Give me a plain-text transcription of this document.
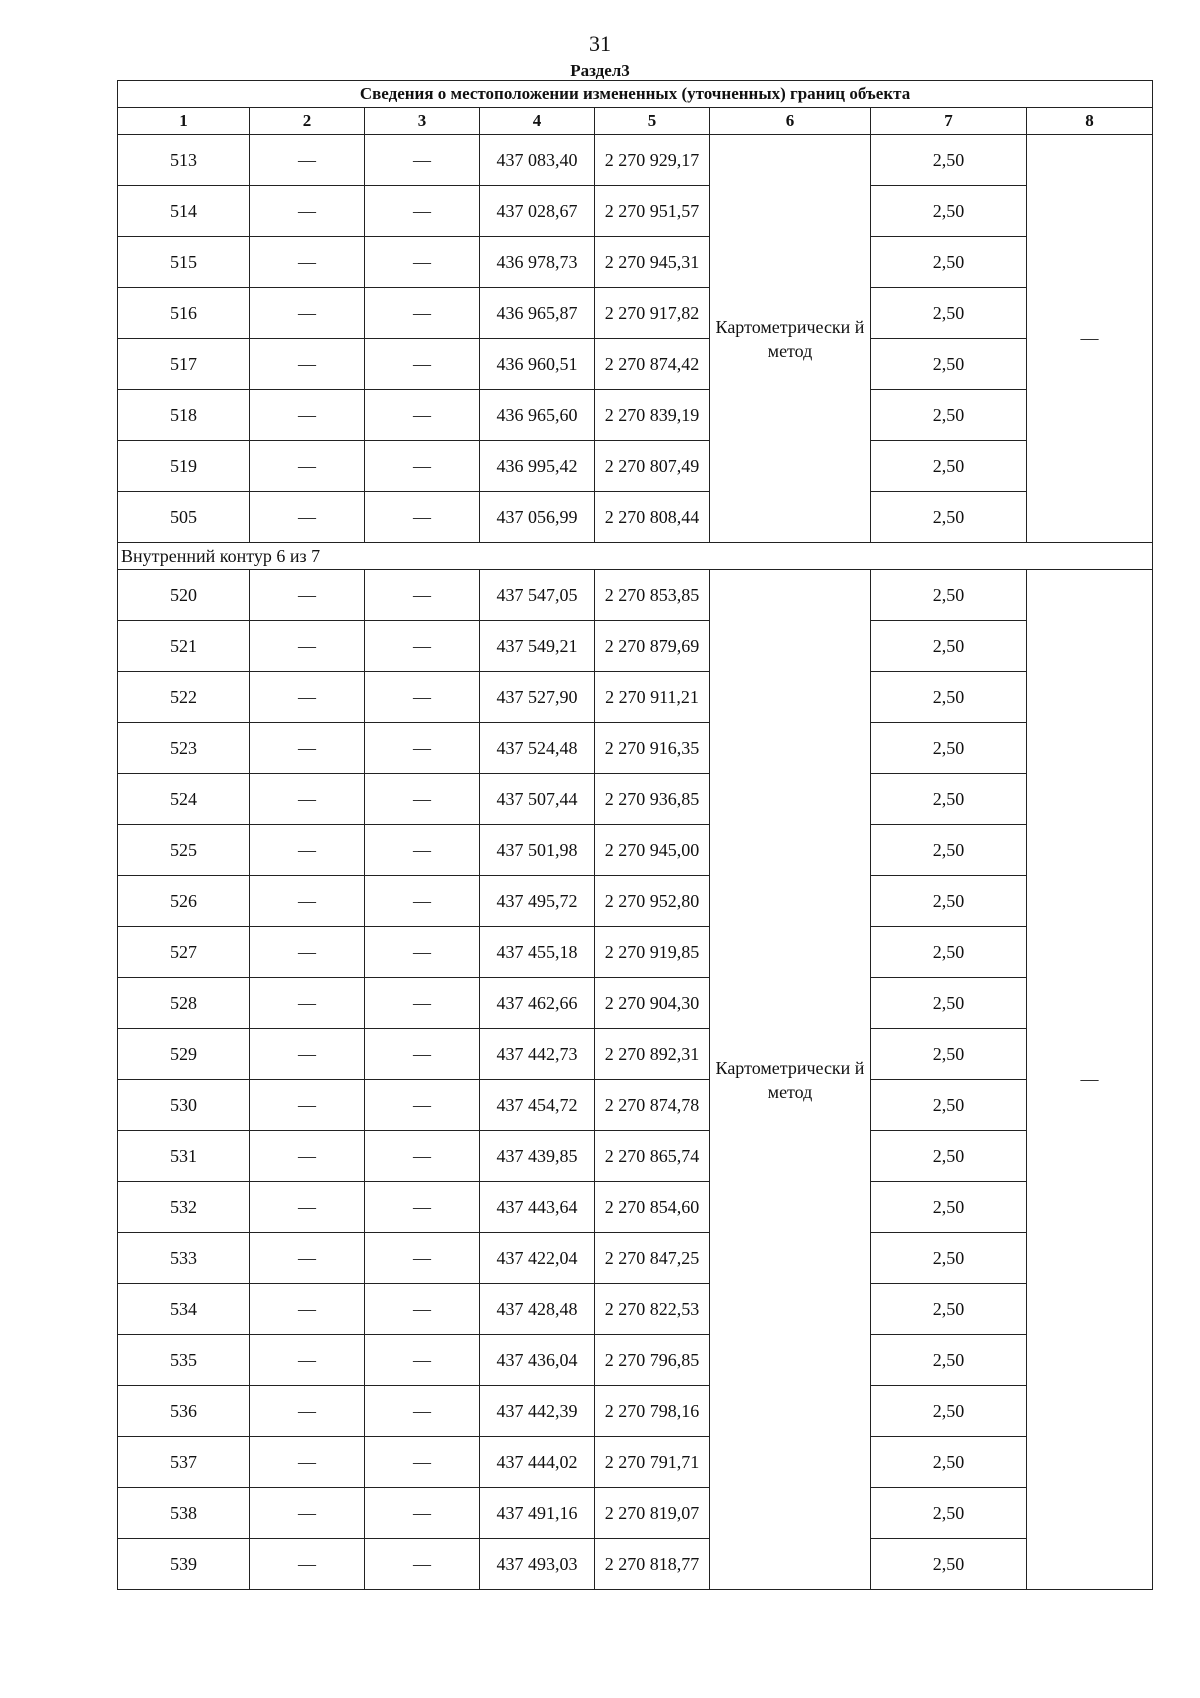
31
Раздел3
Сведения о местоположении измененных (уточненных) границ объекта							
1	2	3	4	5	6	7	8
513	—	—	437 083,40	2 270 929,17	Картометрически й метод	2,50	—
514	—	—	437 028,67	2 270 951,57		2,50	
515	—	—	436 978,73	2 270 945,31		2,50	
516	—	—	436 965,87	2 270 917,82		2,50	
517	—	—	436 960,51	2 270 874,42		2,50	
518	—	—	436 965,60	2 270 839,19		2,50	
519	—	—	436 995,42	2 270 807,49		2,50	
505	—	—	437 056,99	2 270 808,44		2,50	
Внутренний контур 6 из 7							
520	—	—	437 547,05	2 270 853,85	Картометрически й метод	2,50	—
521	—	—	437 549,21	2 270 879,69		2,50	
522	—	—	437 527,90	2 270 911,21		2,50	
523	—	—	437 524,48	2 270 916,35		2,50	
524	—	—	437 507,44	2 270 936,85		2,50	
525	—	—	437 501,98	2 270 945,00		2,50	
526	—	—	437 495,72	2 270 952,80		2,50	
527	—	—	437 455,18	2 270 919,85		2,50	
528	—	—	437 462,66	2 270 904,30		2,50	
529	—	—	437 442,73	2 270 892,31		2,50	
530	—	—	437 454,72	2 270 874,78		2,50	
531	—	—	437 439,85	2 270 865,74		2,50	
532	—	—	437 443,64	2 270 854,60		2,50	
533	—	—	437 422,04	2 270 847,25		2,50	
534	—	—	437 428,48	2 270 822,53		2,50	
535	—	—	437 436,04	2 270 796,85		2,50	
536	—	—	437 442,39	2 270 798,16		2,50	
537	—	—	437 444,02	2 270 791,71		2,50	
538	—	—	437 491,16	2 270 819,07		2,50	
539	—	—	437 493,03	2 270 818,77		2,50	
